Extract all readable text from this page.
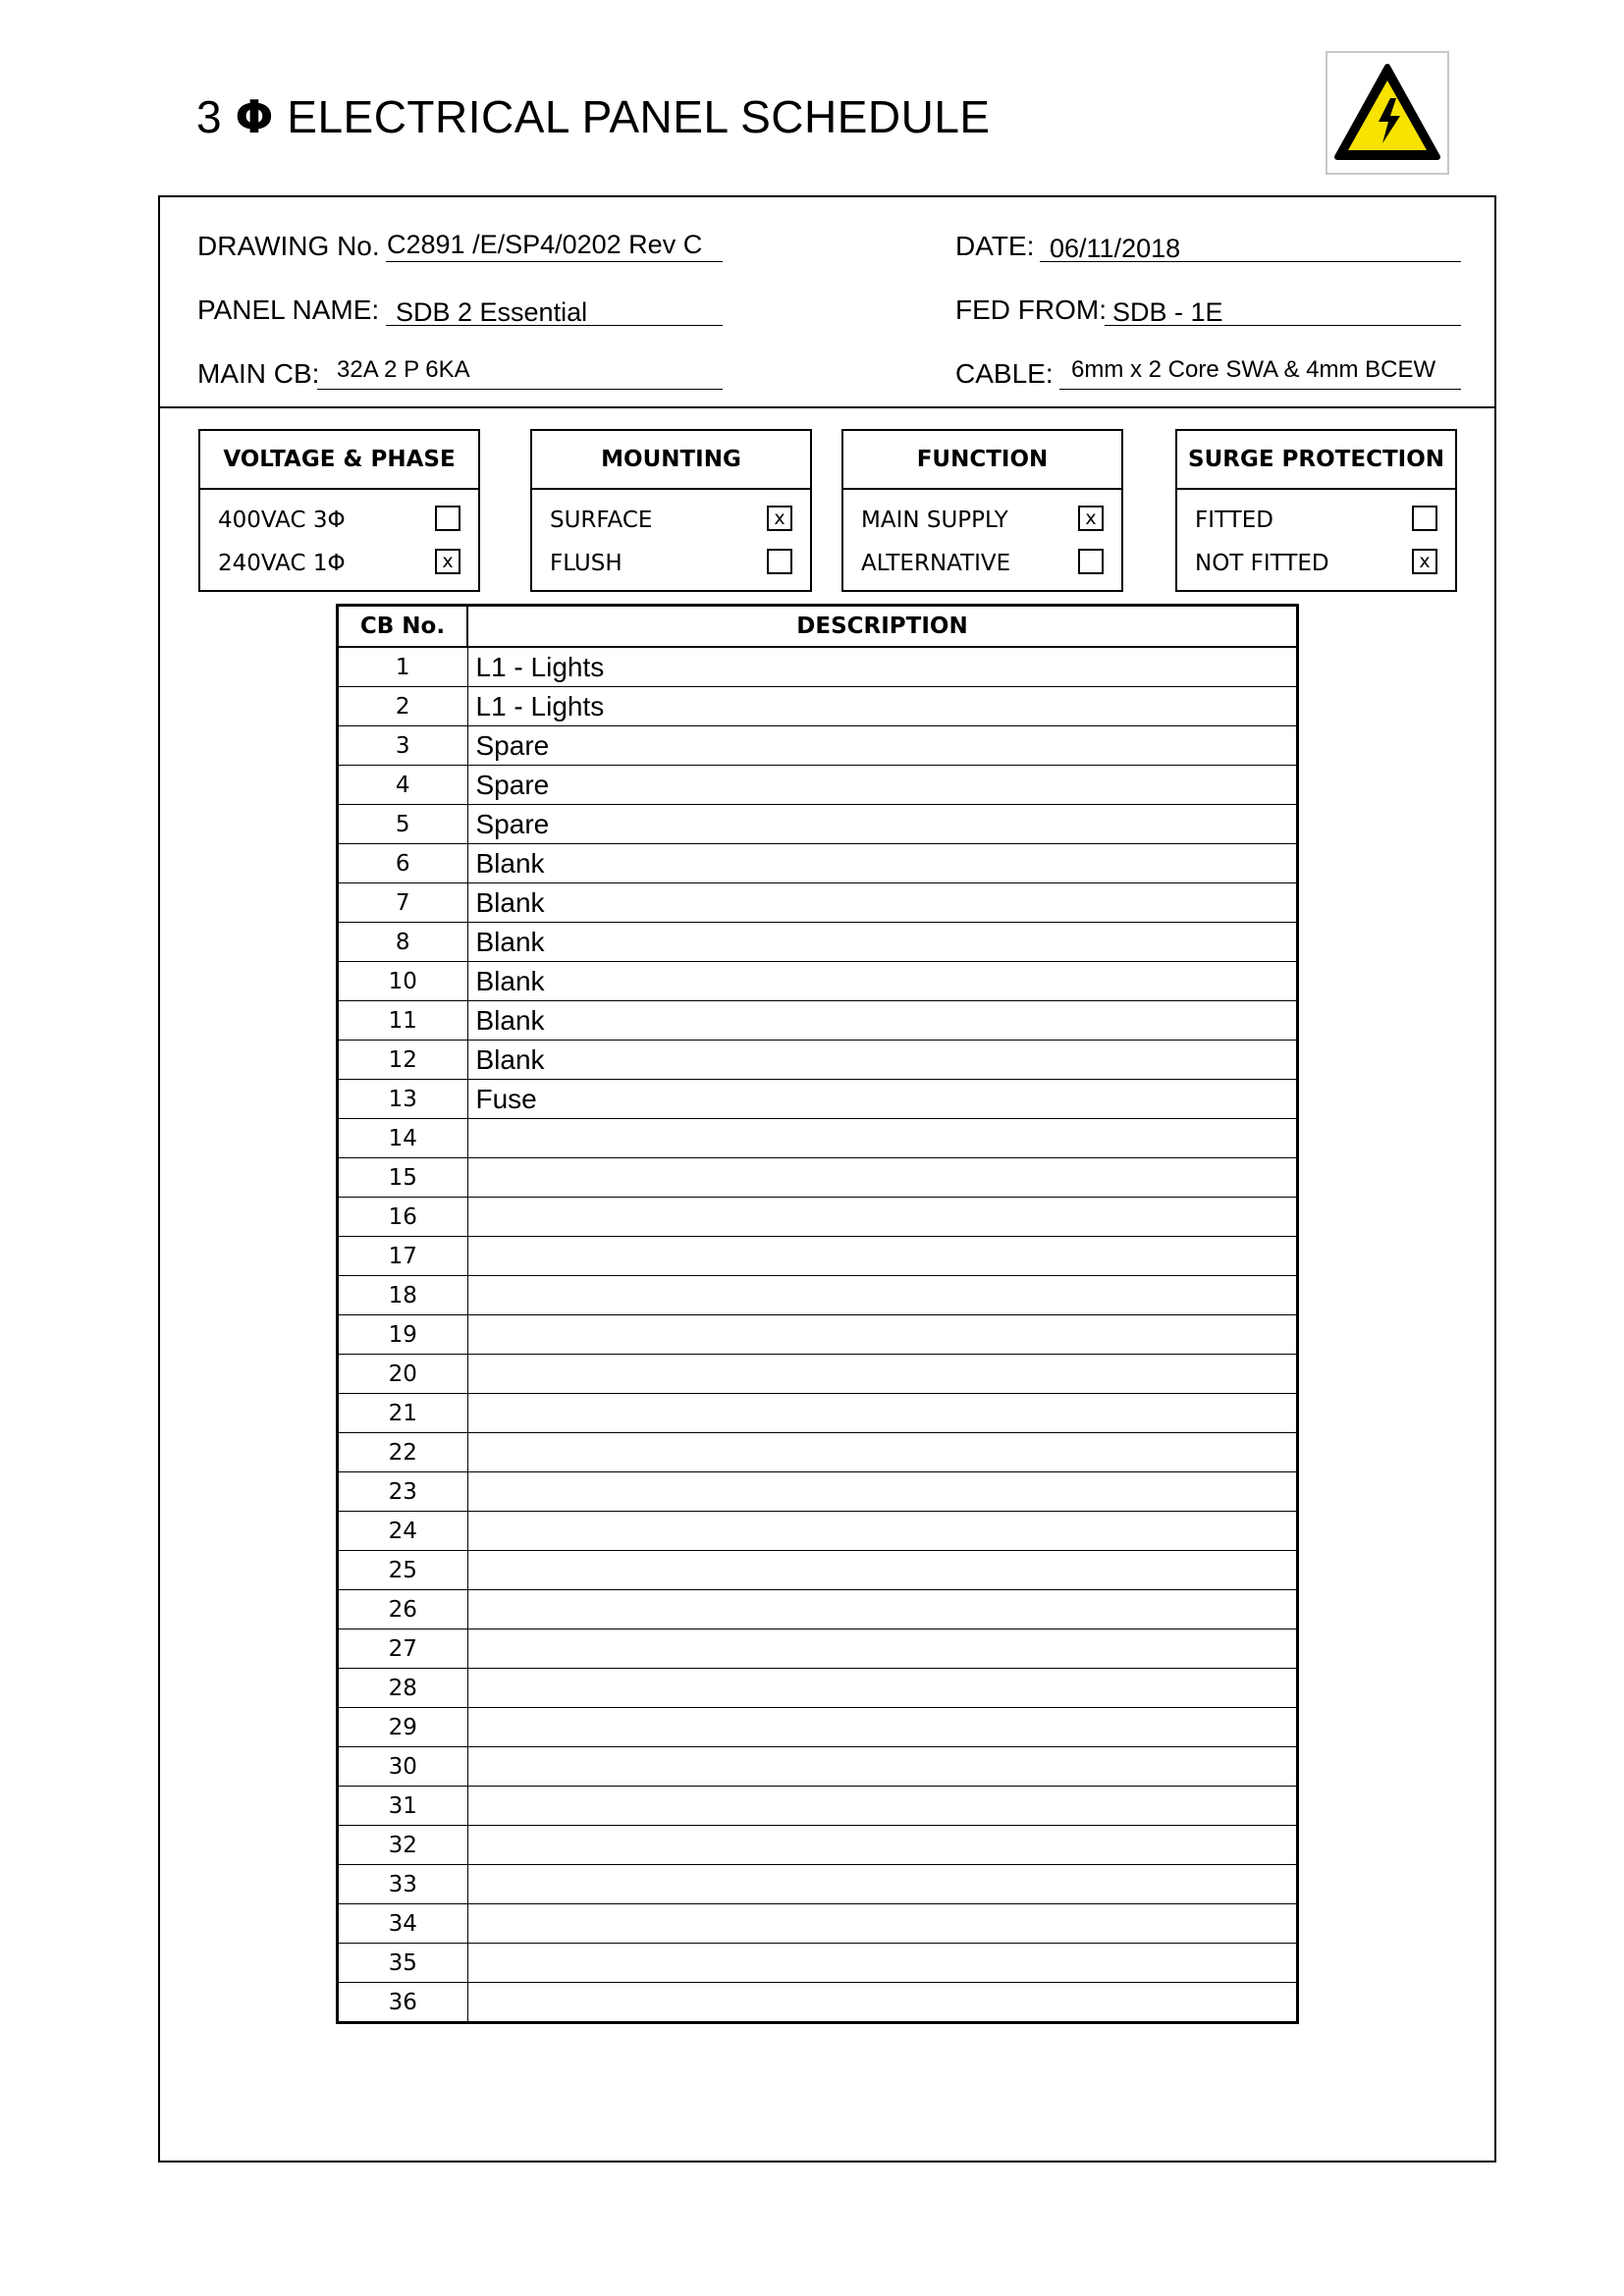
3 Φ ELECTRICAL PANEL SCHEDULE
DRAWING No. C2891 /E/SP4/0202 Rev C
PANEL NAME: SDB 2 Essential
MAIN CB: 32A 2 P 6KA
DATE: 06/11/2018
FED FROM: SDB - 1E
CABLE: 6mm x 2 Core SWA & 4mm BCEW
VOLTAGE & PHASE
400VAC 3Φ
240VAC 1Φ	x
MOUNTING
SURFACE	x
FLUSH
FUNCTION
MAIN SUPPLY	x
ALTERNATIVE
SURGE PROTECTION
FITTED
NOT FITTED	x
CB No.	DESCRIPTION
1	L1 - Lights
2	L1 - Lights
3	Spare
4	Spare
5	Spare
6	Blank
7	Blank
8	Blank
10	Blank
11	Blank
12	Blank
13	Fuse
14	
15	
16	
17	
18	
19	
20	
21	
22	
23	
24	
25	
26	
27	
28	
29	
30	
31	
32	
33	
34	
35	
36	
